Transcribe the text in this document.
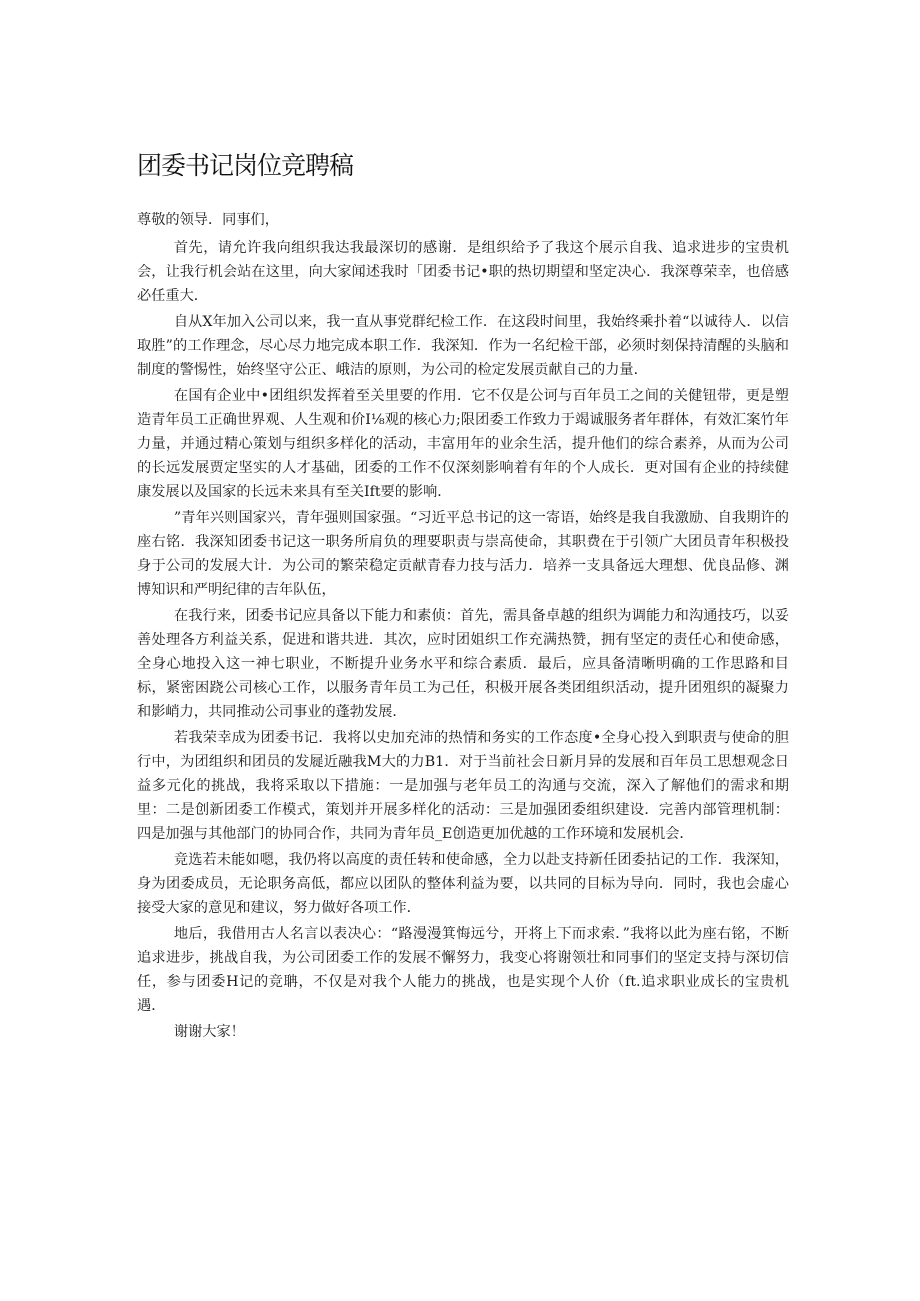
团委书记岗位竞聘稿

尊敬的领导．同事们，

首先，请允许我向组织我达我最深切的感谢．是组织给予了我这个展示自我、追求进步的宝贵机会，让我行机会站在这里，向大家闻述我时「团委书记•职的热切期望和坚定决心．我深尊荣幸，也倍感必任重大．

自从X年加入公司以来，我一直从事党群纪检工作．在这段时间里，我始终乘扑着“以诚待人．以信取胜”的工作理念，尽心尽力地完成本职工作．我深知．作为一名纪检干部，必须时刻保持清醒的头脑和制度的警惕性，始终坚守公正、峨洁的原则，为公司的检定发展贡献自己的力量．

在国有企业中•团组织发挥着至关里要的作用．它不仅是公诃与百年员工之间的关健钮带，更是塑造青年员工正确世界观、人生观和价I⅛观的核心力;限团委工作致力于竭诚服务者年群体，有效汇案竹年力量，并通过精心策划与组织多样化的活动，丰富用年的业余生活，提升他们的综合素养，从而为公司的长远发展贾定坚实的人才基础，团委的工作不仅深刻影响着有年的个人成长．更对国有企业的持续健康发展以及国家的长远未来具有至关Ift要的影响．

”青年兴则国家兴，青年强则国家强。“习近平总书记的这一寄语，始终是我自我激励、自我期许的座右铭．我深知团委书记这一职务所肩负的理要职责与崇高使命，其职费在于引领广大团员青年积极投身于公司的发展大计．为公司的繁荣稳定贡献青春力技与活力．培养一支具备远大理想、优良品修、渊博知识和严明纪律的吉年队伍，

在我行来，团委书记应具备以下能力和素侦：首先，需具备卓越的组织为调能力和沟通技巧，以妥善处理各方利益关系，促进和谐共进．其次，应时团姐织工作充满热赞，拥有坚定的责任心和使命感，全身心地投入这一神七职业，不断提升业务水平和综合素质．最后，应具备清晰明确的工作思路和目标，紧密困跷公司核心工作，以服务青年员工为己任，积极开展各类团组织活动，提升团殂织的凝聚力和影峭力，共同推动公司事业的蓬勃发展．

若我荣幸成为团委书记．我将以史加充沛的热情和务实的工作态度•全身心投入到职责与使命的胆行中，为团组织和团员的发屣近融我M大的力B1．对于当前社会日新月异的发展和百年员工思想观念日益多元化的挑战，我将采取以下措施：一是加强与老年员工的沟通与交流，深入了解他们的需求和期里：二是创新团委工作模式，策划并开展多样化的活动：三是加强团委组织建设．完善内部管理机制：四是加强与其他部门的协同合作，共同为青年员_E创造更加优越的工作环境和发展机会．

竞选若未能如嗯，我仍将以高度的责任转和使命感，全力以赴支持新任团委拈记的工作．我深知，身为团委成员，无论职务高低，都应以团队的整体利益为要，以共同的目标为导向．同时，我也会虚心接受大家的意见和建议，努力做好各项工作．

地后，我借用古人名言以表决心：“路漫漫箕悔远兮，开将上下而求索．”我将以此为座右铭，不断追求进步，挑战自我，为公司团委工作的发展不懈努力，我变心将谢领壮和同事们的坚定支持与深切信任，参与团委H记的竞聃，不仅是对我个人能力的挑战，也是实现个人价（ft.追求职业成长的宝贵机遇．

谢谢大家！
